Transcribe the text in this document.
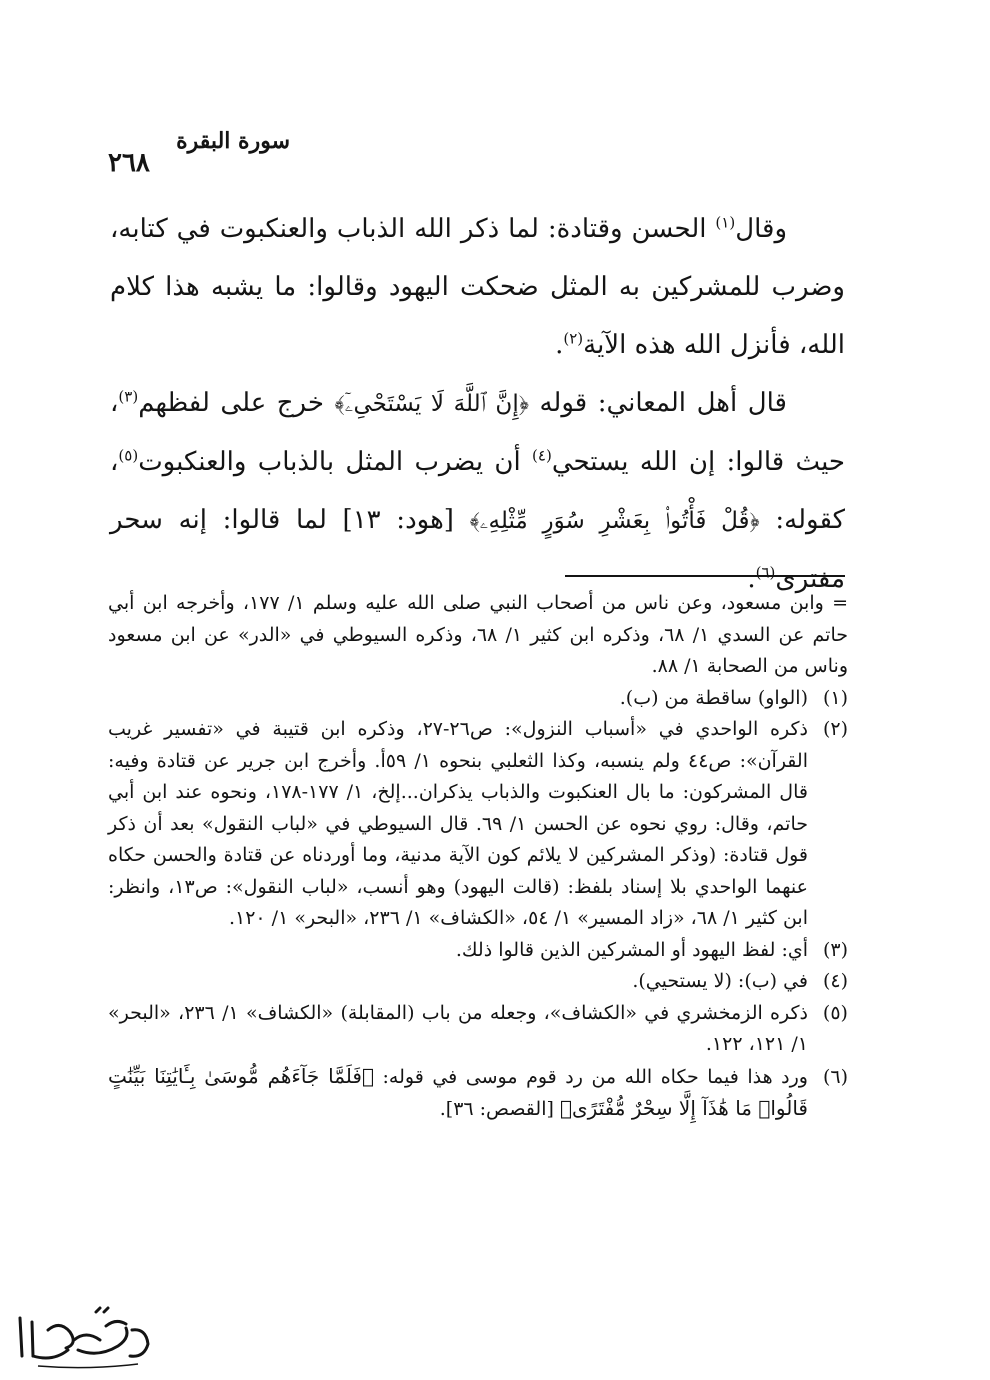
سورة البقرة
٢٦٨

وقال$^{(١)}$ الحسن وقتادة: لما ذكر الله الذباب والعنكبوت في كتابه، وضرب للمشركين به المثل ضحكت اليهود وقالوا: ما يشبه هذا كلام الله، فأنزل الله هذه الآية$^{(٢)}$.

قال أهل المعاني: قوله ﴿إِنَّ ٱللَّهَ لَا يَسْتَحْىِۦٓ﴾ خرج على لفظهم$^{(٣)}$، حيث قالوا: إن الله يستحي$^{(٤)}$ أن يضرب المثل بالذباب والعنكبوت$^{(٥)}$، كقوله: ﴿قُلْ فَأْتُوا۟ بِعَشْرِ سُوَرٍ مِّثْلِهِۦ﴾ [هود: ١٣] لما قالوا: إنه سحر مفترى$^{(٦)}$.

= وابن مسعود، وعن ناس من أصحاب النبي صلى الله عليه وسلم ١/ ١٧٧، وأخرجه ابن أبي حاتم عن السدي ١/ ٦٨، وذكره ابن كثير ١/ ٦٨، وذكره السيوطي في «الدر» عن ابن مسعود وناس من الصحابة ١/ ٨٨.

(١)(الواو) ساقطة من (ب).
(٢)ذكره الواحدي في «أسباب النزول»: ص٢٦-٢٧، وذكره ابن قتيبة في «تفسير غريب القرآن»: ص٤٤ ولم ينسبه، وكذا الثعلبي بنحوه ١/ ٥٩أ. وأخرج ابن جرير عن قتادة وفيه: قال المشركون: ما بال العنكبوت والذباب يذكران...إلخ، ١/ ١٧٧-١٧٨، ونحوه عند ابن أبي حاتم، وقال: روي نحوه عن الحسن ١/ ٦٩. قال السيوطي في «لباب النقول» بعد أن ذكر قول قتادة: (وذكر المشركين لا يلائم كون الآية مدنية، وما أوردناه عن قتادة والحسن حكاه عنهما الواحدي بلا إسناد بلفظ: (قالت اليهود) وهو أنسب، «لباب النقول»: ص١٣، وانظر: ابن كثير ١/ ٦٨، «زاد المسير» ١/ ٥٤، «الكشاف» ١/ ٢٣٦، «البحر» ١/ ١٢٠.
(٣)أي: لفظ اليهود أو المشركين الذين قالوا ذلك.
(٤)في (ب): (لا يستحيي).
(٥)ذكره الزمخشري في «الكشاف»، وجعله من باب (المقابلة) «الكشاف» ١/ ٢٣٦، «البحر» ١/ ١٢١، ١٢٢.
(٦)ورد هذا فيما حكاه الله من رد قوم موسى في قوله: ﴿فَلَمَّا جَآءَهُم مُّوسَىٰ بِـَٔايَٰتِنَا بَيِّنَٰتٍ قَالُوا۟ مَا هَٰذَآ إِلَّا سِحْرٌ مُّفْتَرًى﴾ [القصص: ٣٦].
